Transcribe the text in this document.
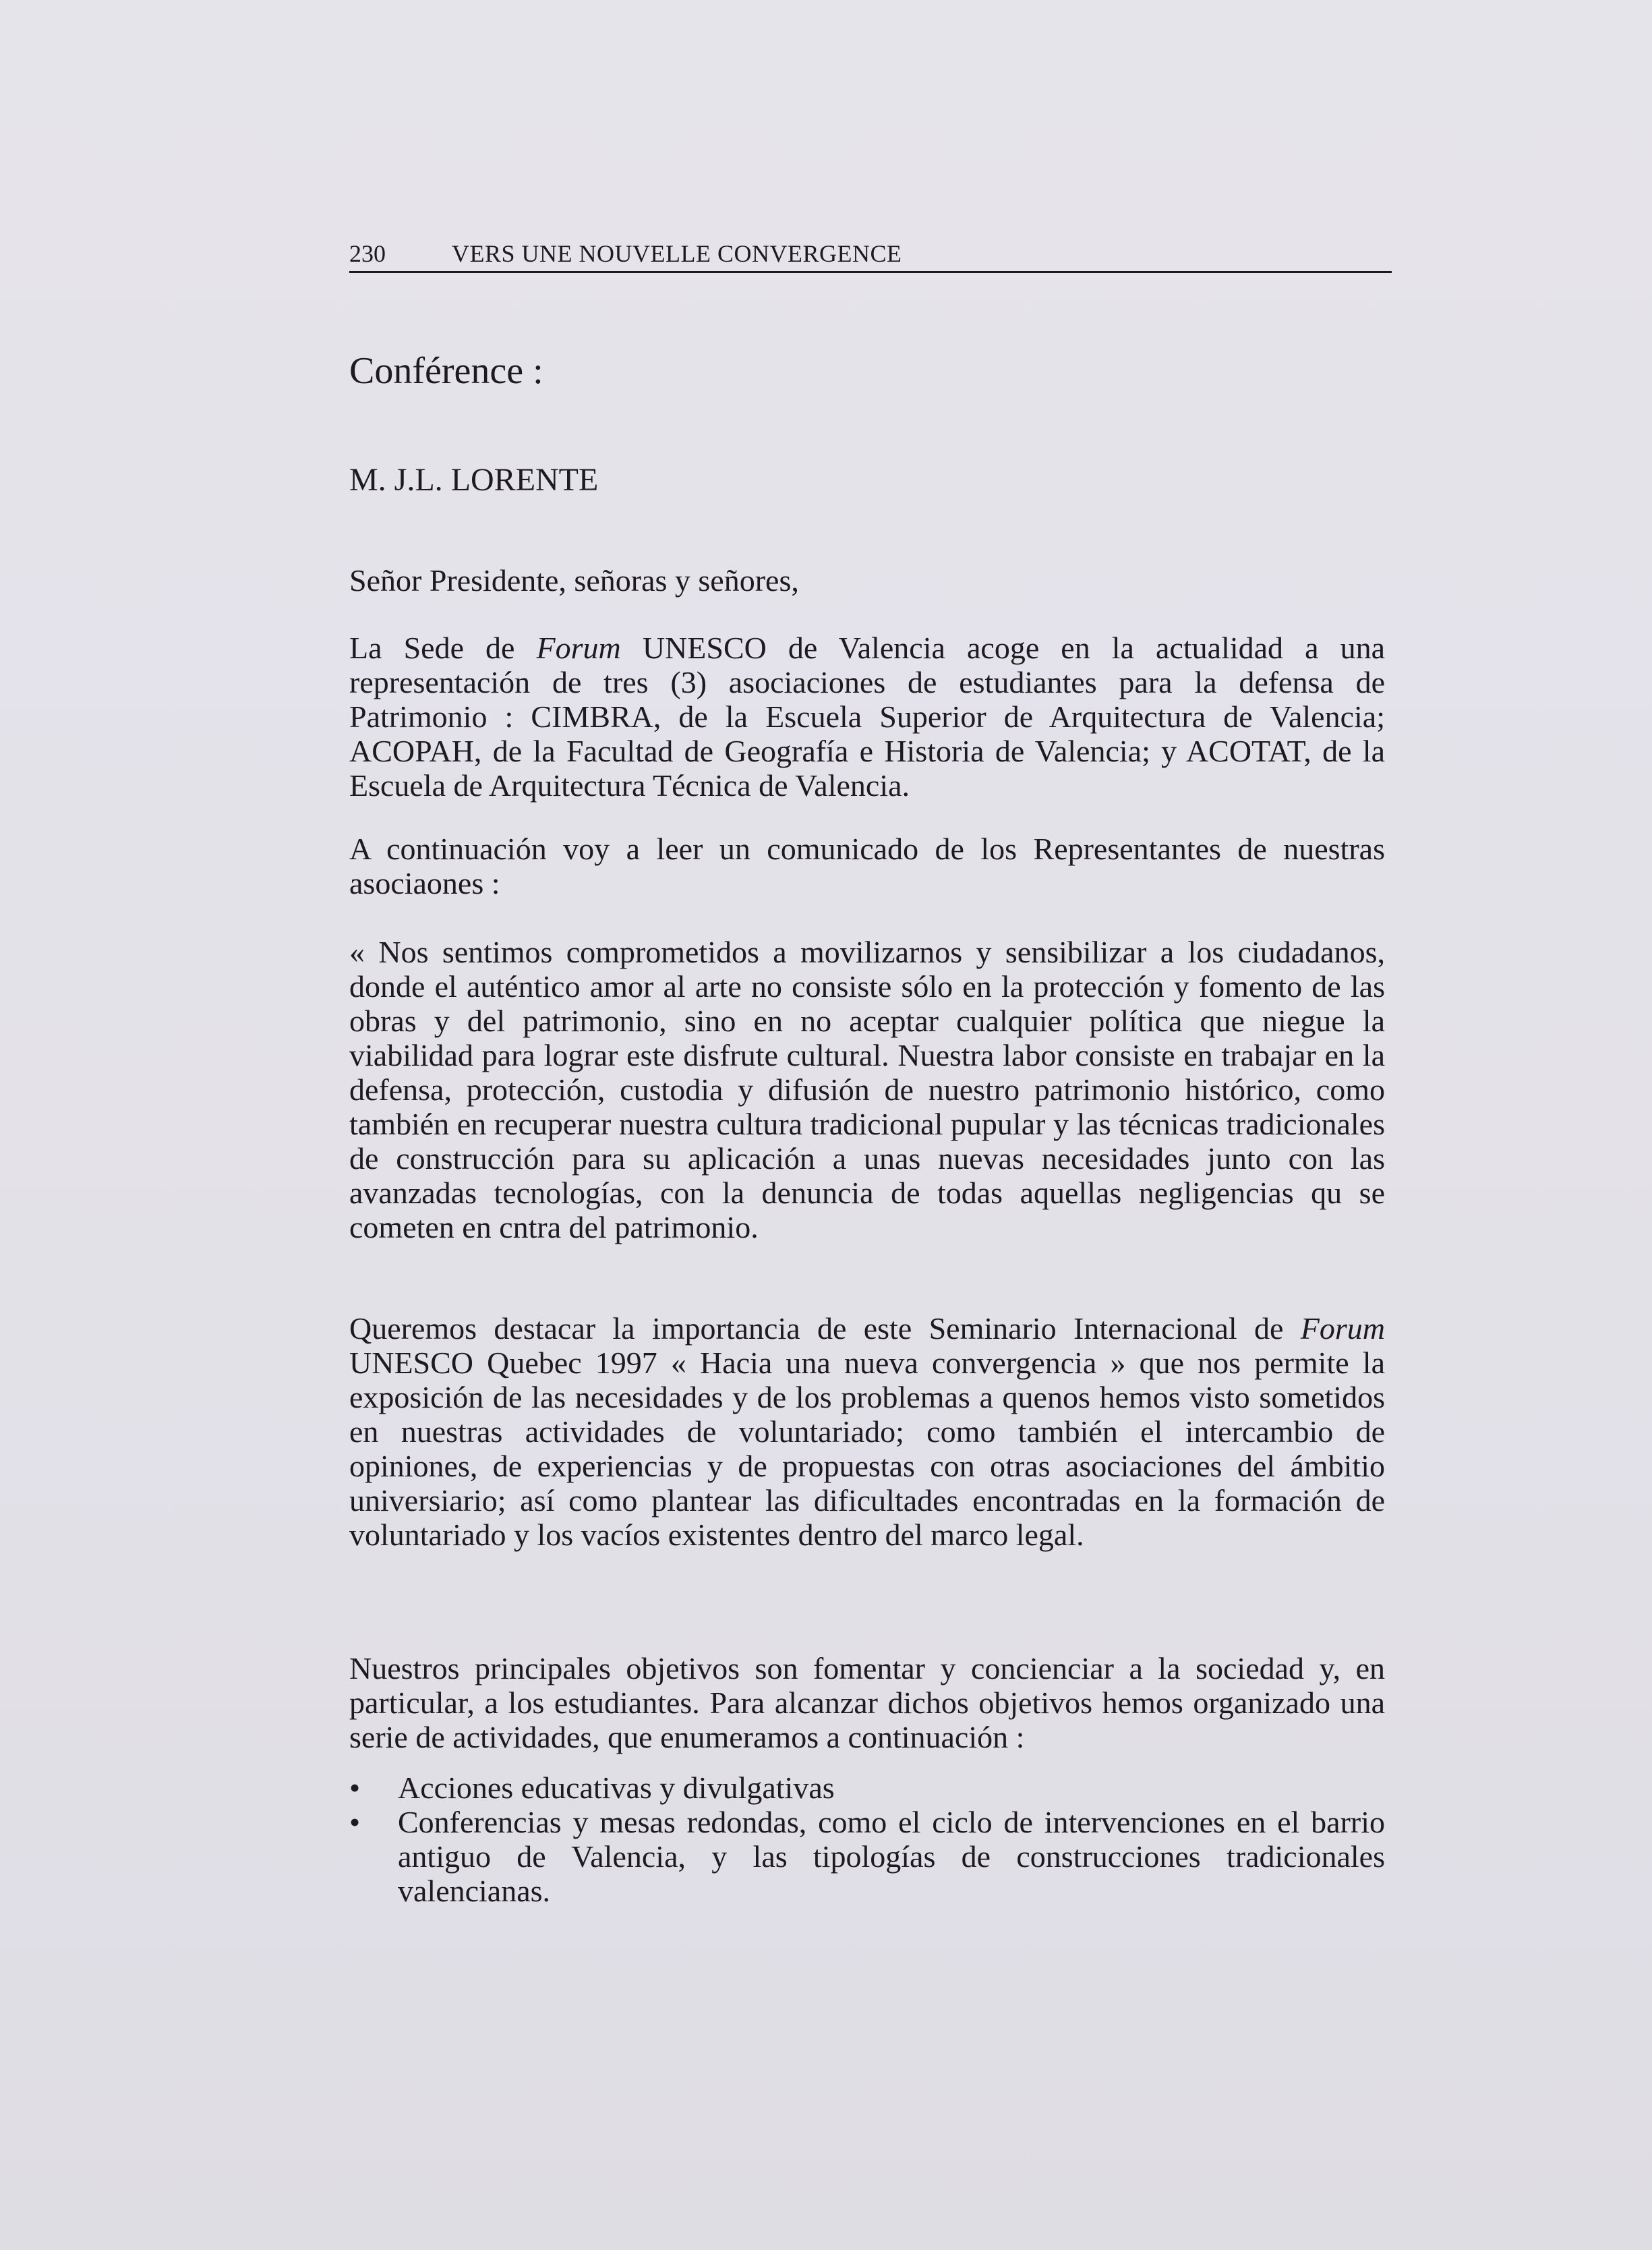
230	VERS UNE NOUVELLE CONVERGENCE
Conférence :
M. J.L. LORENTE

Señor Presidente, señoras y señores,

La Sede de Forum UNESCO de Valencia acoge en la actualidad a una representación de tres (3) asociaciones de estudiantes para la defensa de Patrimonio : CIMBRA, de la Escuela Superior de Arquitectura de Valencia; ACOPAH, de la Facultad de Geografía e Historia de Valencia; y ACOTAT, de la Escuela de Arquitectura Técnica de Valencia.

A continuación voy a leer un comunicado de los Representantes de nuestras asociaones :

« Nos sentimos comprometidos a movilizarnos y sensibilizar a los ciudadanos, donde el auténtico amor al arte no consiste sólo en la protección y fomento de las obras y del patrimonio, sino en no aceptar cualquier política que niegue la viabilidad para lograr este disfrute cultural. Nuestra labor consiste en trabajar en la defensa, protección, custodia y difusión de nuestro patrimonio histórico, como también en recuperar nuestra cultura tradicional pupular y las técnicas tradicionales de construcción para su aplicación a unas nuevas necesidades junto con las avanzadas tecnologías, con la denuncia de todas aquellas negligencias qu se cometen en cntra del patrimonio.

Queremos destacar la importancia de este Seminario Internacional de Forum UNESCO Quebec 1997 « Hacia una nueva convergencia » que nos permite la exposición de las necesidades y de los problemas a quenos hemos visto sometidos en nuestras actividades de voluntariado; como también el intercambio de opiniones, de experiencias y de propuestas con otras asociaciones del ámbitio universiario; así como plantear las dificultades encontradas en la formación de voluntariado y los vacíos existentes dentro del marco legal.

Nuestros principales objetivos son fomentar y concienciar a la sociedad y, en particular, a los estudiantes. Para alcanzar dichos objetivos hemos organizado una serie de actividades, que enumeramos a continuación :

•	Acciones educativas y divulgativas
•	Conferencias y mesas redondas, como el ciclo de intervenciones en el barrio antiguo de Valencia, y las tipologías de construcciones tradicionales valencianas.
